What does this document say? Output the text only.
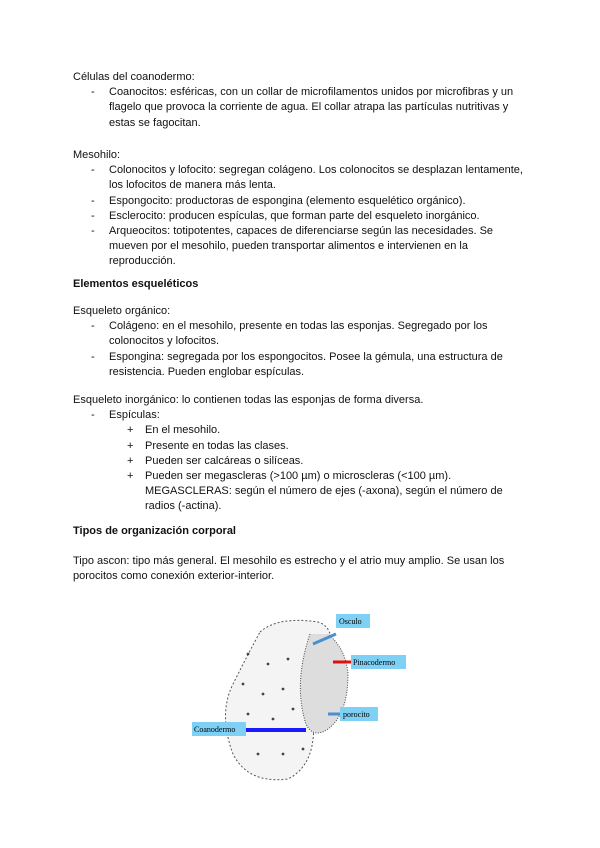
Células del coanodermo:
- Coanocitos: esféricas, con un collar de microfilamentos unidos por microfibras y un flagelo que provoca la corriente de agua. El collar atrapa las partículas nutritivas y estas se fagocitan.
Mesohilo:
- Colonocitos y lofocito: segregan colágeno. Los colonocitos se desplazan lentamente, los lofocitos de manera más lenta.
- Espongocito: productoras de espongina (elemento esquelético orgánico).
- Esclerocito: producen espículas, que forman parte del esqueleto inorgánico.
- Arqueocitos: totipotentes, capaces de diferenciarse según las necesidades. Se mueven por el mesohilo, pueden transportar alimentos e intervienen en la reproducción.
Elementos esqueléticos
Esqueleto orgánico:
- Colágeno: en el mesohilo, presente en todas las esponjas. Segregado por los colonocitos y lofocitos.
- Espongina: segregada por los espongocitos. Posee la gémula, una estructura de resistencia. Pueden englobar espículas.
Esqueleto inorgánico: lo contienen todas las esponjas de forma diversa.
- Espículas:
+ En el mesohilo.
+ Presente en todas las clases.
+ Pueden ser calcáreas o silíceas.
+ Pueden ser megascleras (>100 µm) o microscleras (<100 µm). MEGASCLERAS: según el número de ejes (-axona), según el número de radios (-actina).
Tipos de organización corporal
Tipo ascon: tipo más general. El mesohilo es estrecho y el atrio muy amplio. Se usan los porocitos como conexión exterior-interior.
Osculo
Pinacodermo
porocito
Coanodermo
